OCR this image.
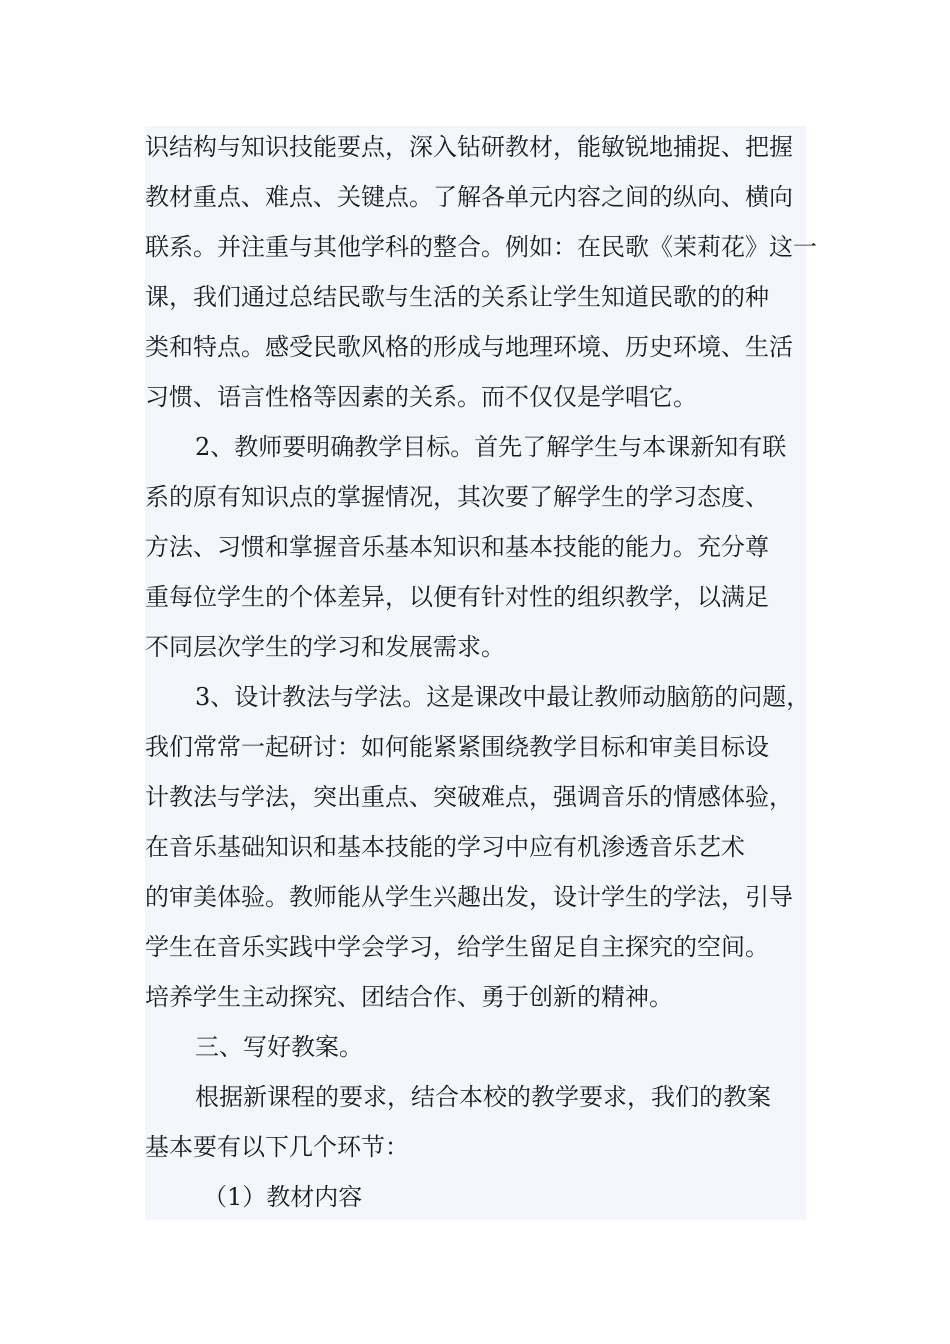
识结构与知识技能要点，深入钻研教材，能敏锐地捕捉、把握
教材重点、难点、关键点。了解各单元内容之间的纵向、横向
联系。并注重与其他学科的整合。例如：在民歌《茉莉花》这一
课，我们通过总结民歌与生活的关系让学生知道民歌的的种
类和特点。感受民歌风格的形成与地理环境、历史环境、生活
习惯、语言性格等因素的关系。而不仅仅是学唱它。
2、教师要明确教学目标。首先了解学生与本课新知有联
系的原有知识点的掌握情况，其次要了解学生的学习态度、
方法、习惯和掌握音乐基本知识和基本技能的能力。充分尊
重每位学生的个体差异，以便有针对性的组织教学，以满足
不同层次学生的学习和发展需求。
3、设计教法与学法。这是课改中最让教师动脑筋的问题，
我们常常一起研讨：如何能紧紧围绕教学目标和审美目标设
计教法与学法，突出重点、突破难点，强调音乐的情感体验，
在音乐基础知识和基本技能的学习中应有机渗透音乐艺术
的审美体验。教师能从学生兴趣出发，设计学生的学法，引导
学生在音乐实践中学会学习，给学生留足自主探究的空间。
培养学生主动探究、团结合作、勇于创新的精神。
三、写好教案。
根据新课程的要求，结合本校的教学要求，我们的教案
基本要有以下几个环节：
（1）教材内容
